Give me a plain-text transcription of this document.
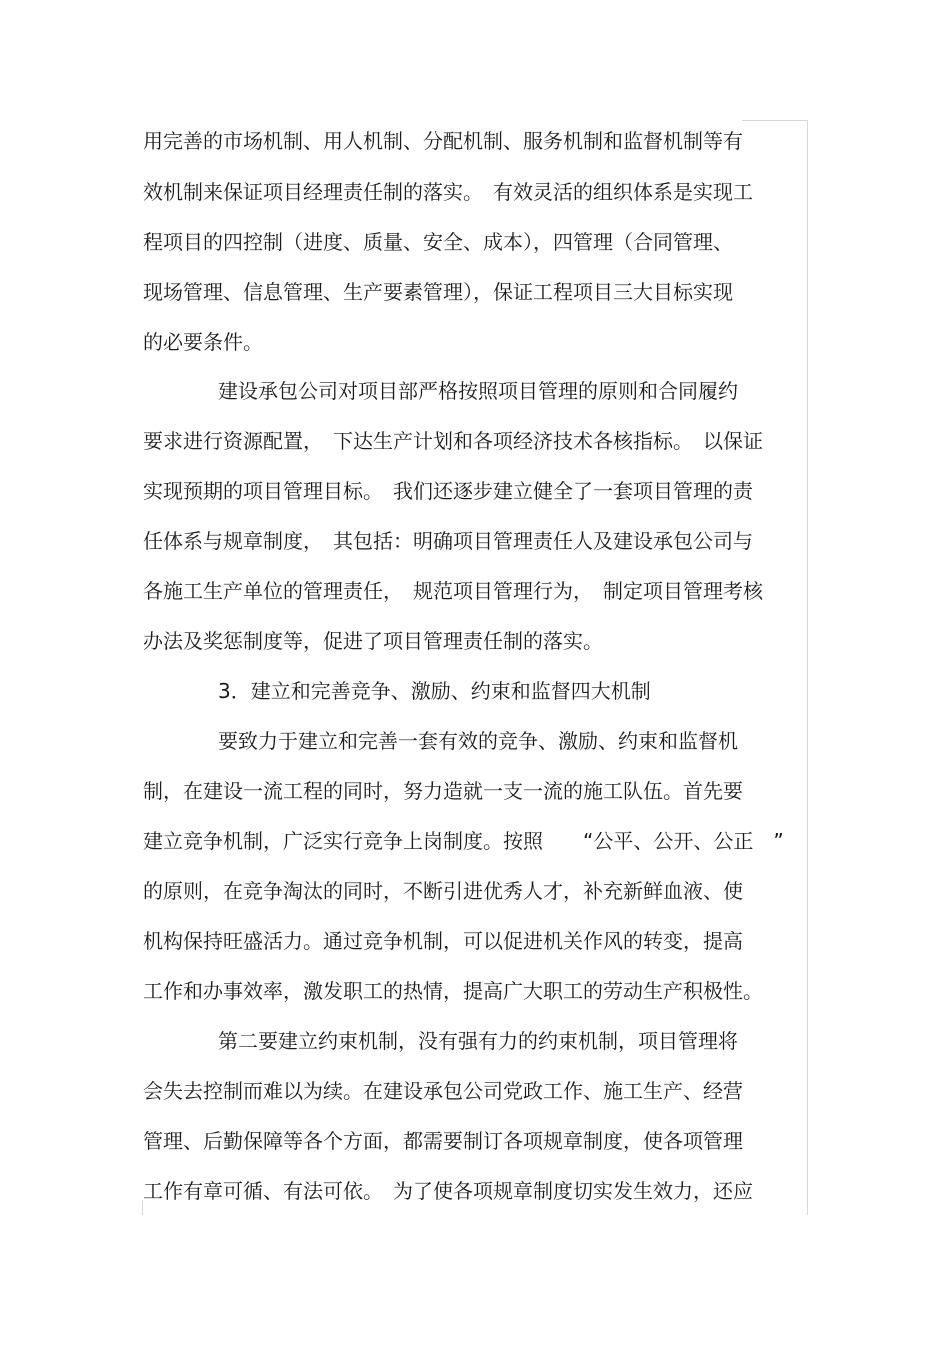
用完善的市场机制、用人机制、分配机制、服务机制和监督机制等有
效机制来保证项目经理责任制的落实。　有效灵活的组织体系是实现工
程项目的四控制（进度、质量、安全、成本），四管理（合同管理、
现场管理、信息管理、生产要素管理），保证工程项目三大目标实现
的必要条件。
建设承包公司对项目部严格按照项目管理的原则和合同履约
要求进行资源配置，　下达生产计划和各项经济技术各核指标。　以保证
实现预期的项目管理目标。　我们还逐步建立健全了一套项目管理的责
任体系与规章制度，　其包括：明确项目管理责任人及建设承包公司与
各施工生产单位的管理责任，　规范项目管理行为，　制定项目管理考核
办法及奖惩制度等，促进了项目管理责任制的落实。
3．建立和完善竞争、激励、约束和监督四大机制
要致力于建立和完善一套有效的竞争、激励、约束和监督机
制，在建设一流工程的同时，努力造就一支一流的施工队伍。首先要
建立竞争机制，广泛实行竞争上岗制度。按照　　“公平、公开、公正　”
的原则，在竞争淘汰的同时，不断引进优秀人才，补充新鲜血液、使
机构保持旺盛活力。通过竞争机制，可以促进机关作风的转变，提高
工作和办事效率，激发职工的热情，提高广大职工的劳动生产积极性。
第二要建立约束机制，没有强有力的约束机制，项目管理将
会失去控制而难以为续。在建设承包公司党政工作、施工生产、经营
管理、后勤保障等各个方面，都需要制订各项规章制度，使各项管理
工作有章可循、有法可依。　为了使各项规章制度切实发生效力，还应
